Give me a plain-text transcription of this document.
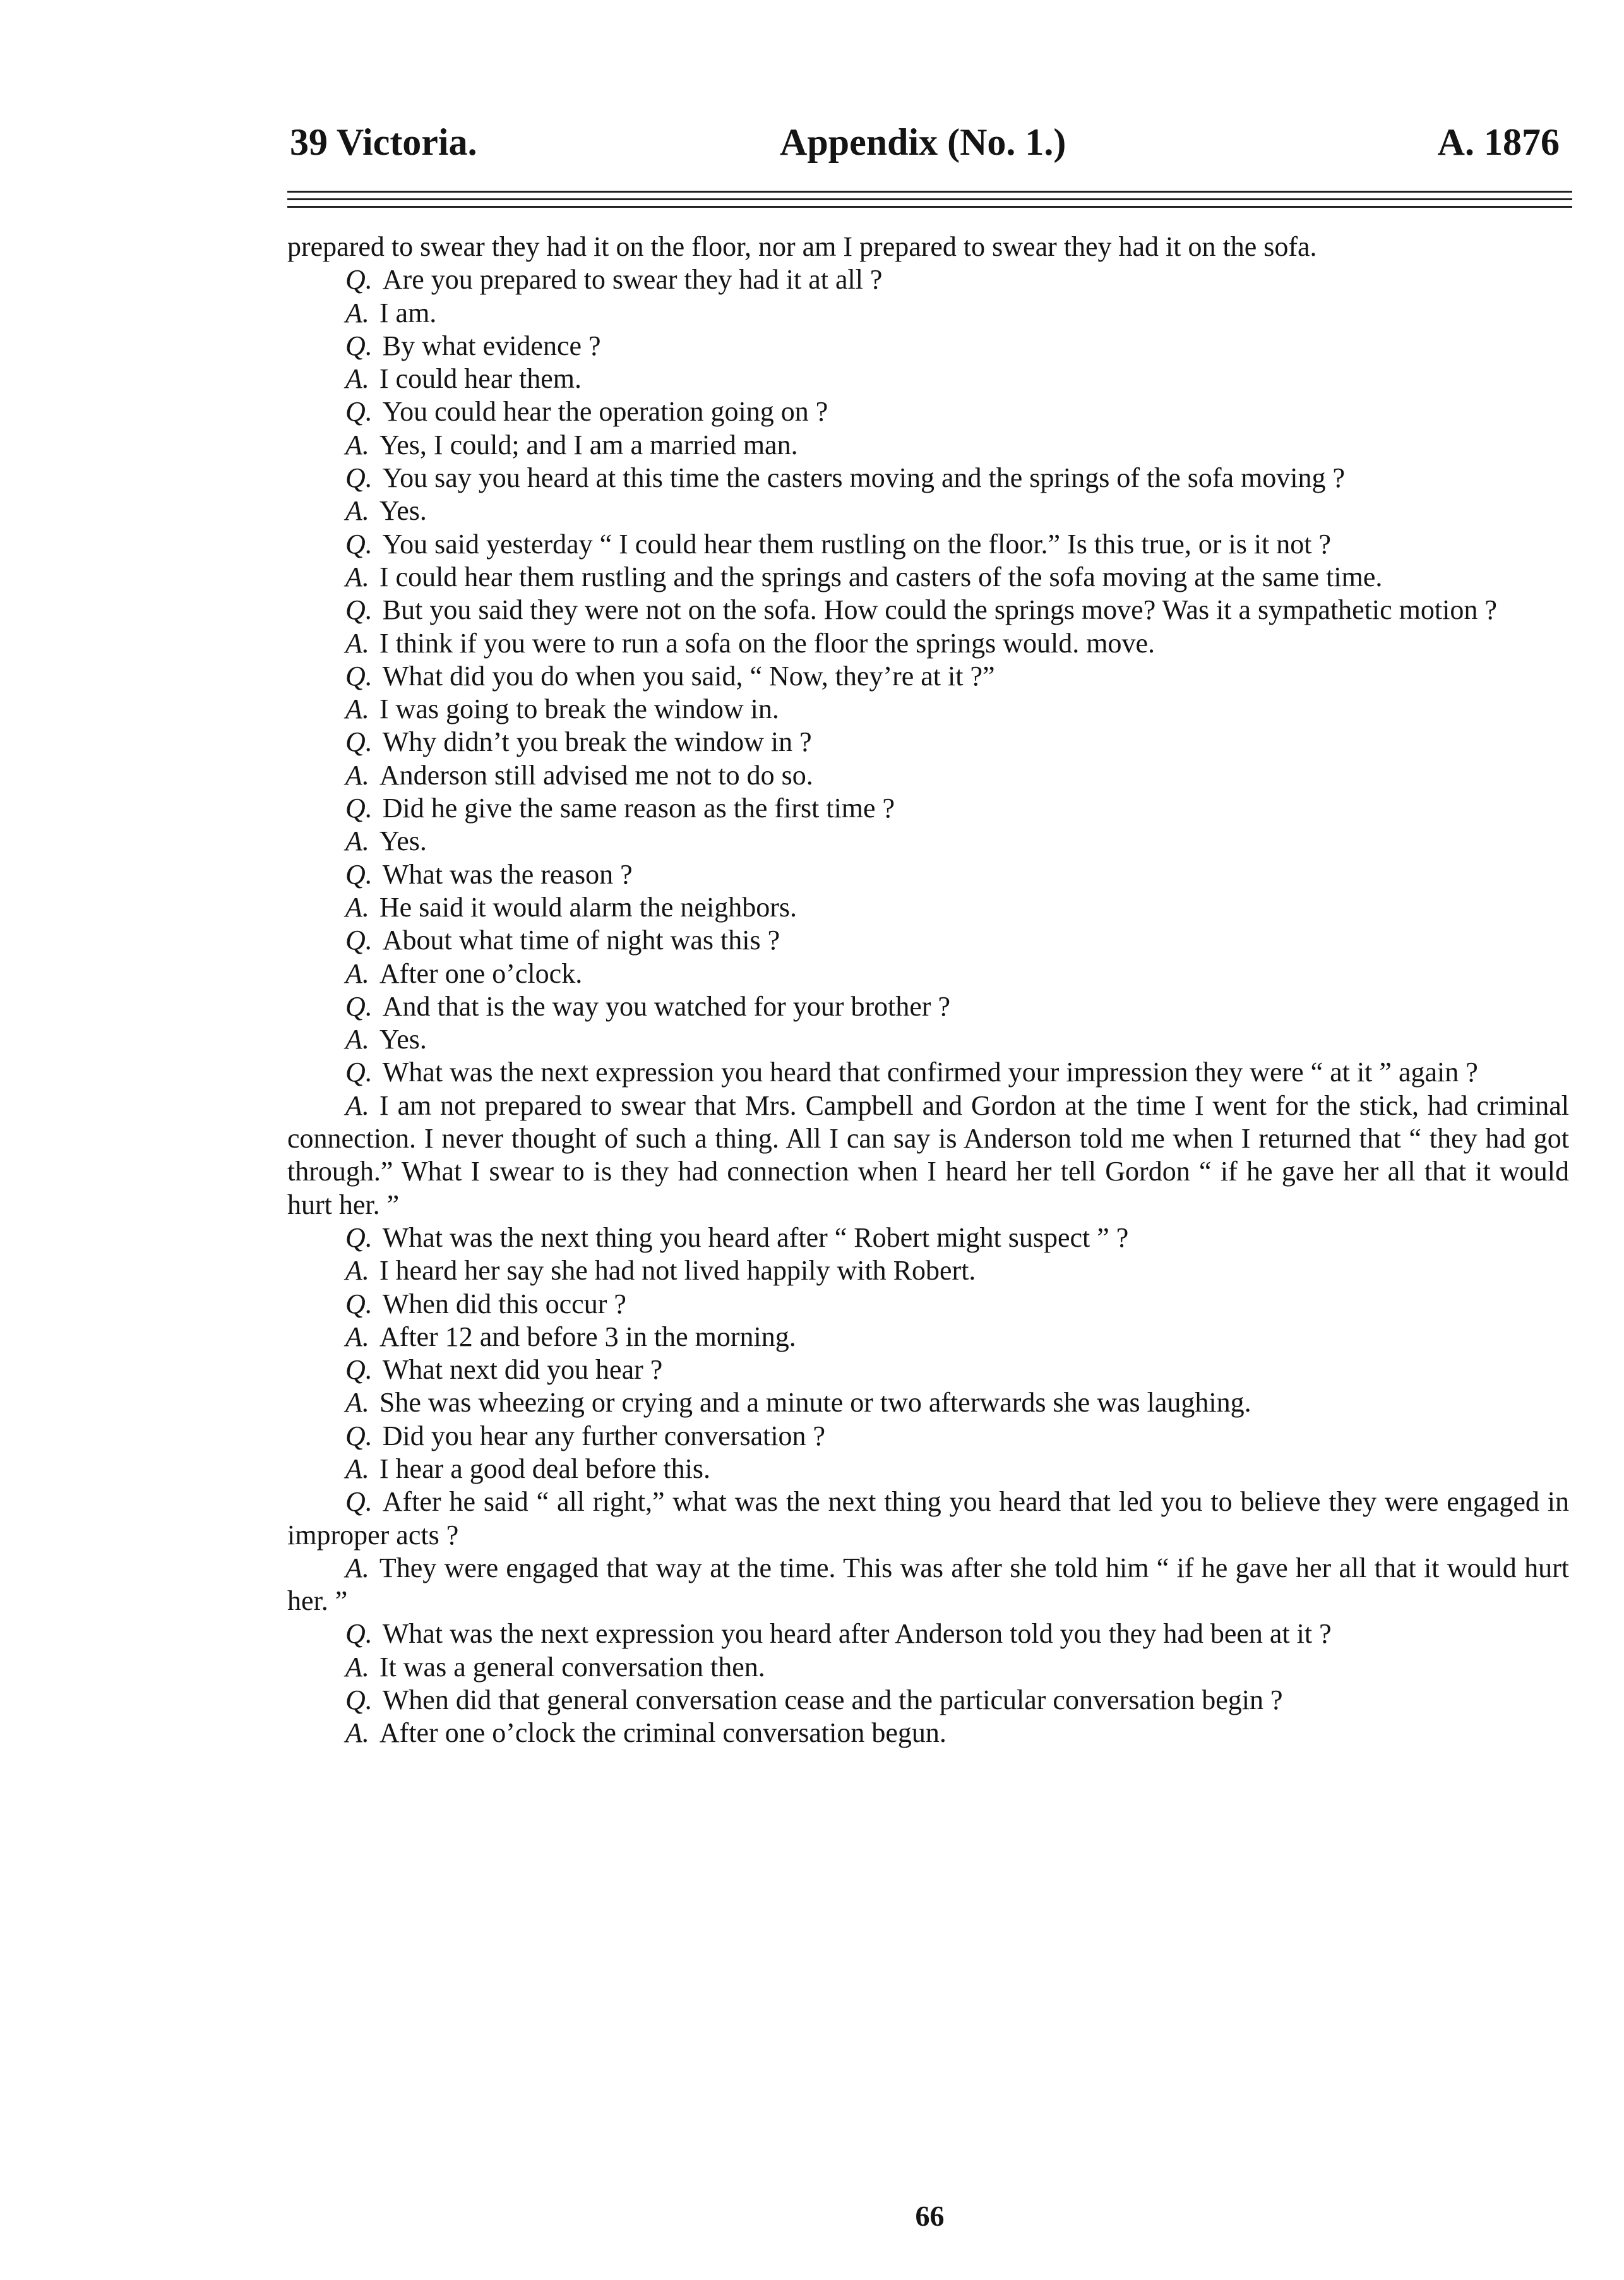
39 Victoria.	Appendix (No. 1.)	A. 1876

prepared to swear they had it on the floor, nor am I prepared to swear they had it on the sofa.

Q. Are you prepared to swear they had it at all ?

A. I am.

Q. By what evidence ?

A. I could hear them.

Q. You could hear the operation going on ?

A. Yes, I could; and I am a married man.

Q. You say you heard at this time the casters moving and the springs of the sofa moving ?

A. Yes.

Q. You said yesterday “ I could hear them rustling on the floor.” Is this true, or is it not ?

A. I could hear them rustling and the springs and casters of the sofa moving at the same time.

Q. But you said they were not on the sofa. How could the springs move? Was it a sympathetic motion ?

A. I think if you were to run a sofa on the floor the springs would. move.

Q. What did you do when you said, “ Now, they’re at it ?”

A. I was going to break the window in.

Q. Why didn’t you break the window in ?

A. Anderson still advised me not to do so.

Q. Did he give the same reason as the first time ?

A. Yes.

Q. What was the reason ?

A. He said it would alarm the neighbors.

Q. About what time of night was this ?

A. After one o’clock.

Q. And that is the way you watched for your brother ?

A. Yes.

Q. What was the next expression you heard that confirmed your impression they were “ at it ” again ?

A. I am not prepared to swear that Mrs. Campbell and Gordon at the time I went for the stick, had criminal connection. I never thought of such a thing. All I can say is Anderson told me when I returned that “ they had got through.” What I swear to is they had connection when I heard her tell Gordon “ if he gave her all that it would hurt her. ”

Q. What was the next thing you heard after “ Robert might suspect ” ?

A. I heard her say she had not lived happily with Robert.

Q. When did this occur ?

A. After 12 and before 3 in the morning.

Q. What next did you hear ?

A. She was wheezing or crying and a minute or two afterwards she was laughing.

Q. Did you hear any further conversation ?

A. I hear a good deal before this.

Q. After he said “ all right,” what was the next thing you heard that led you to believe they were engaged in improper acts ?

A. They were engaged that way at the time. This was after she told him “ if he gave her all that it would hurt her. ”

Q. What was the next expression you heard after Anderson told you they had been at it ?

A. It was a general conversation then.

Q. When did that general conversation cease and the particular conversation begin ?

A. After one o’clock the criminal conversation begun.

66
